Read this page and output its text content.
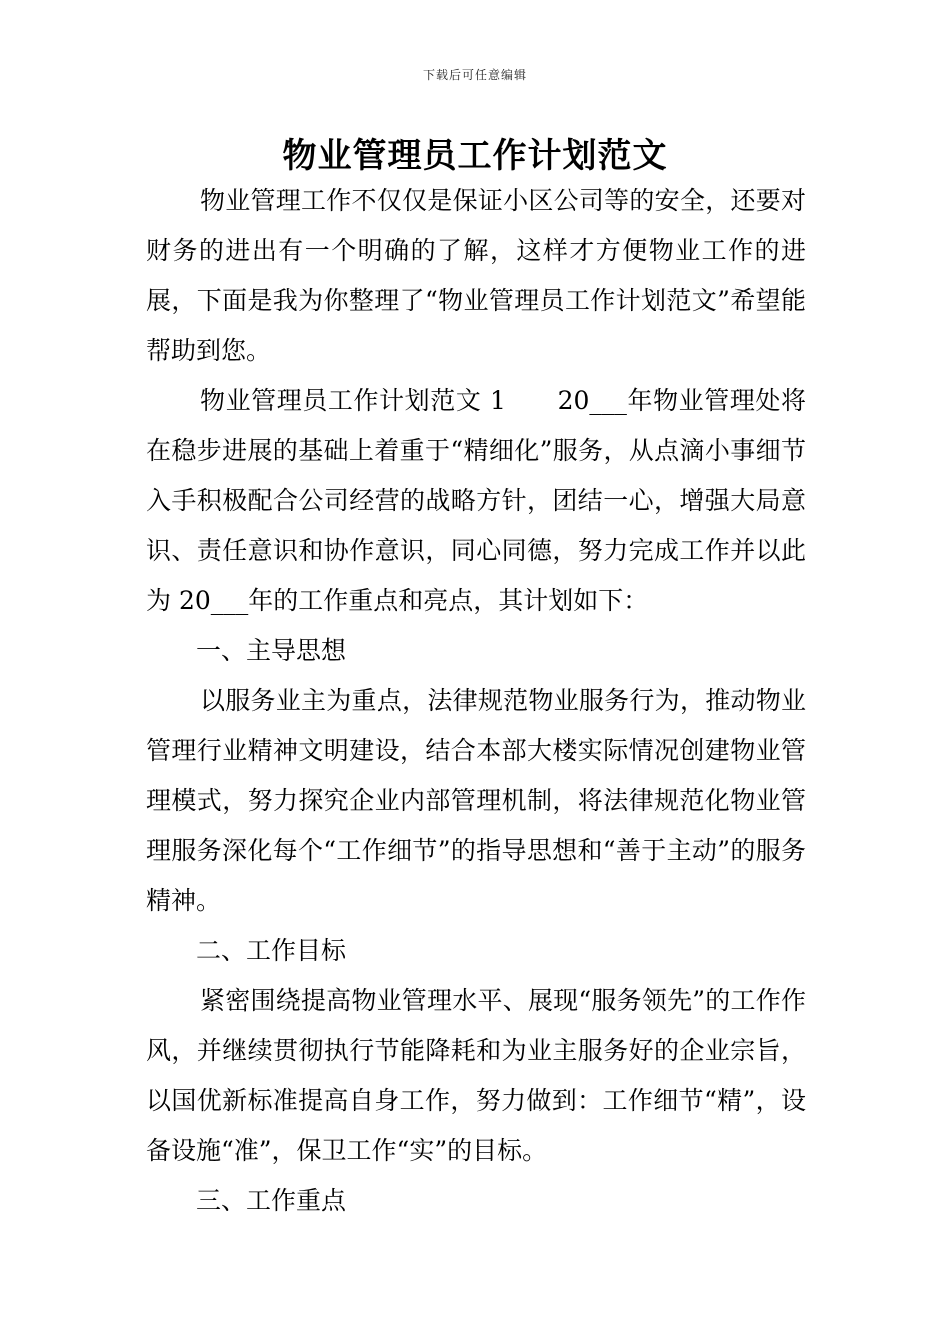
下载后可任意编辑
物业管理员工作计划范文

物业管理工作不仅仅是保证小区公司等的安全，还要对财务的进出有一个明确的了解，这样才方便物业工作的进展，下面是我为你整理了“物业管理员工作计划范文”希望能帮助到您。

物业管理员工作计划范文 1　　20___年物业管理处将在稳步进展的基础上着重于“精细化”服务，从点滴小事细节入手积极配合公司经营的战略方针，团结一心，增强大局意识、责任意识和协作意识，同心同德，努力完成工作并以此为 20___年的工作重点和亮点，其计划如下：

一、主导思想

以服务业主为重点，法律规范物业服务行为，推动物业管理行业精神文明建设，结合本部大楼实际情况创建物业管理模式，努力探究企业内部管理机制，将法律规范化物业管理服务深化每个“工作细节”的指导思想和“善于主动”的服务精神。

二、工作目标

紧密围绕提高物业管理水平、展现“服务领先”的工作作风，并继续贯彻执行节能降耗和为业主服务好的企业宗旨，以国优新标准提高自身工作，努力做到：工作细节“精”，设备设施“准”，保卫工作“实”的目标。

三、工作重点
